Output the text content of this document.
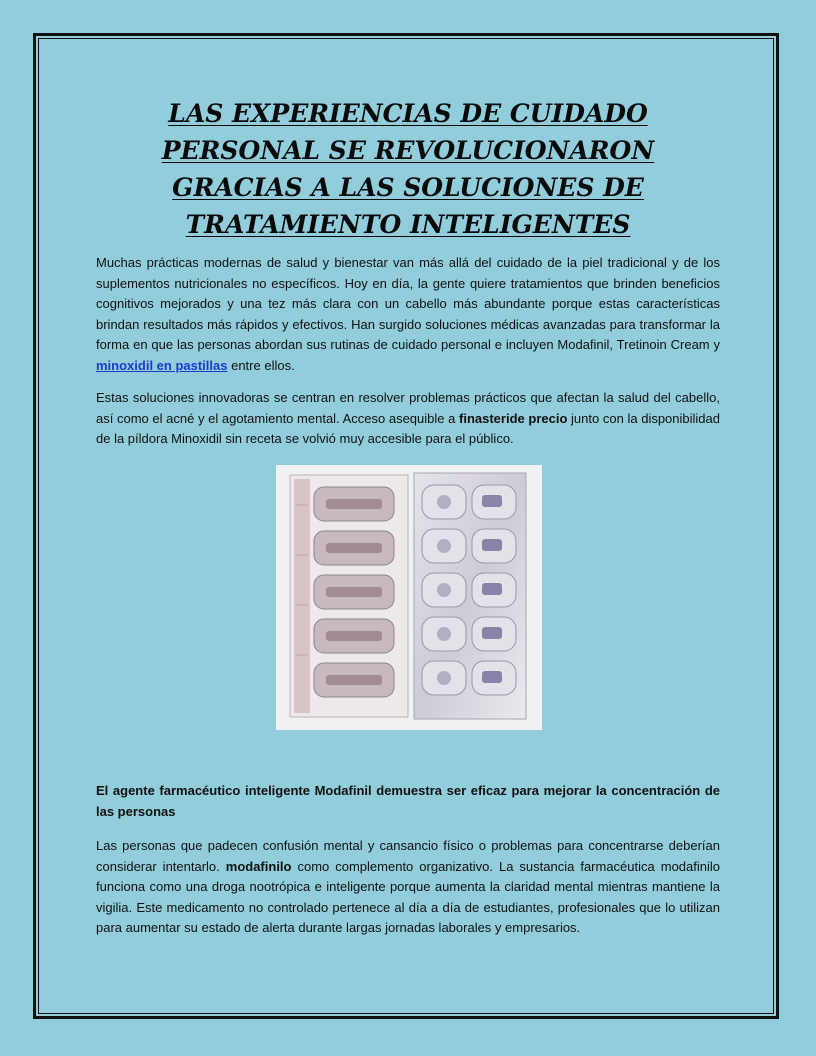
LAS EXPERIENCIAS DE CUIDADO PERSONAL SE REVOLUCIONARON GRACIAS A LAS SOLUCIONES DE TRATAMIENTO INTELIGENTES

Muchas prácticas modernas de salud y bienestar van más allá del cuidado de la piel tradicional y de los suplementos nutricionales no específicos. Hoy en día, la gente quiere tratamientos que brinden beneficios cognitivos mejorados y una tez más clara con un cabello más abundante porque estas características brindan resultados más rápidos y efectivos. Han surgido soluciones médicas avanzadas para transformar la forma en que las personas abordan sus rutinas de cuidado personal e incluyen Modafinil, Tretinoin Cream y minoxidil en pastillas entre ellos.

Estas soluciones innovadoras se centran en resolver problemas prácticos que afectan la salud del cabello, así como el acné y el agotamiento mental. Acceso asequible a finasteride precio junto con la disponibilidad de la píldora Minoxidil sin receta se volvió muy accesible para el público.

El agente farmacéutico inteligente Modafinil demuestra ser eficaz para mejorar la concentración de las personas

Las personas que padecen confusión mental y cansancio físico o problemas para concentrarse deberían considerar intentarlo. modafinilo como complemento organizativo. La sustancia farmacéutica modafinilo funciona como una droga nootrópica e inteligente porque aumenta la claridad mental mientras mantiene la vigilia. Este medicamento no controlado pertenece al día a día de estudiantes, profesionales que lo utilizan para aumentar su estado de alerta durante largas jornadas laborales y empresarios.
